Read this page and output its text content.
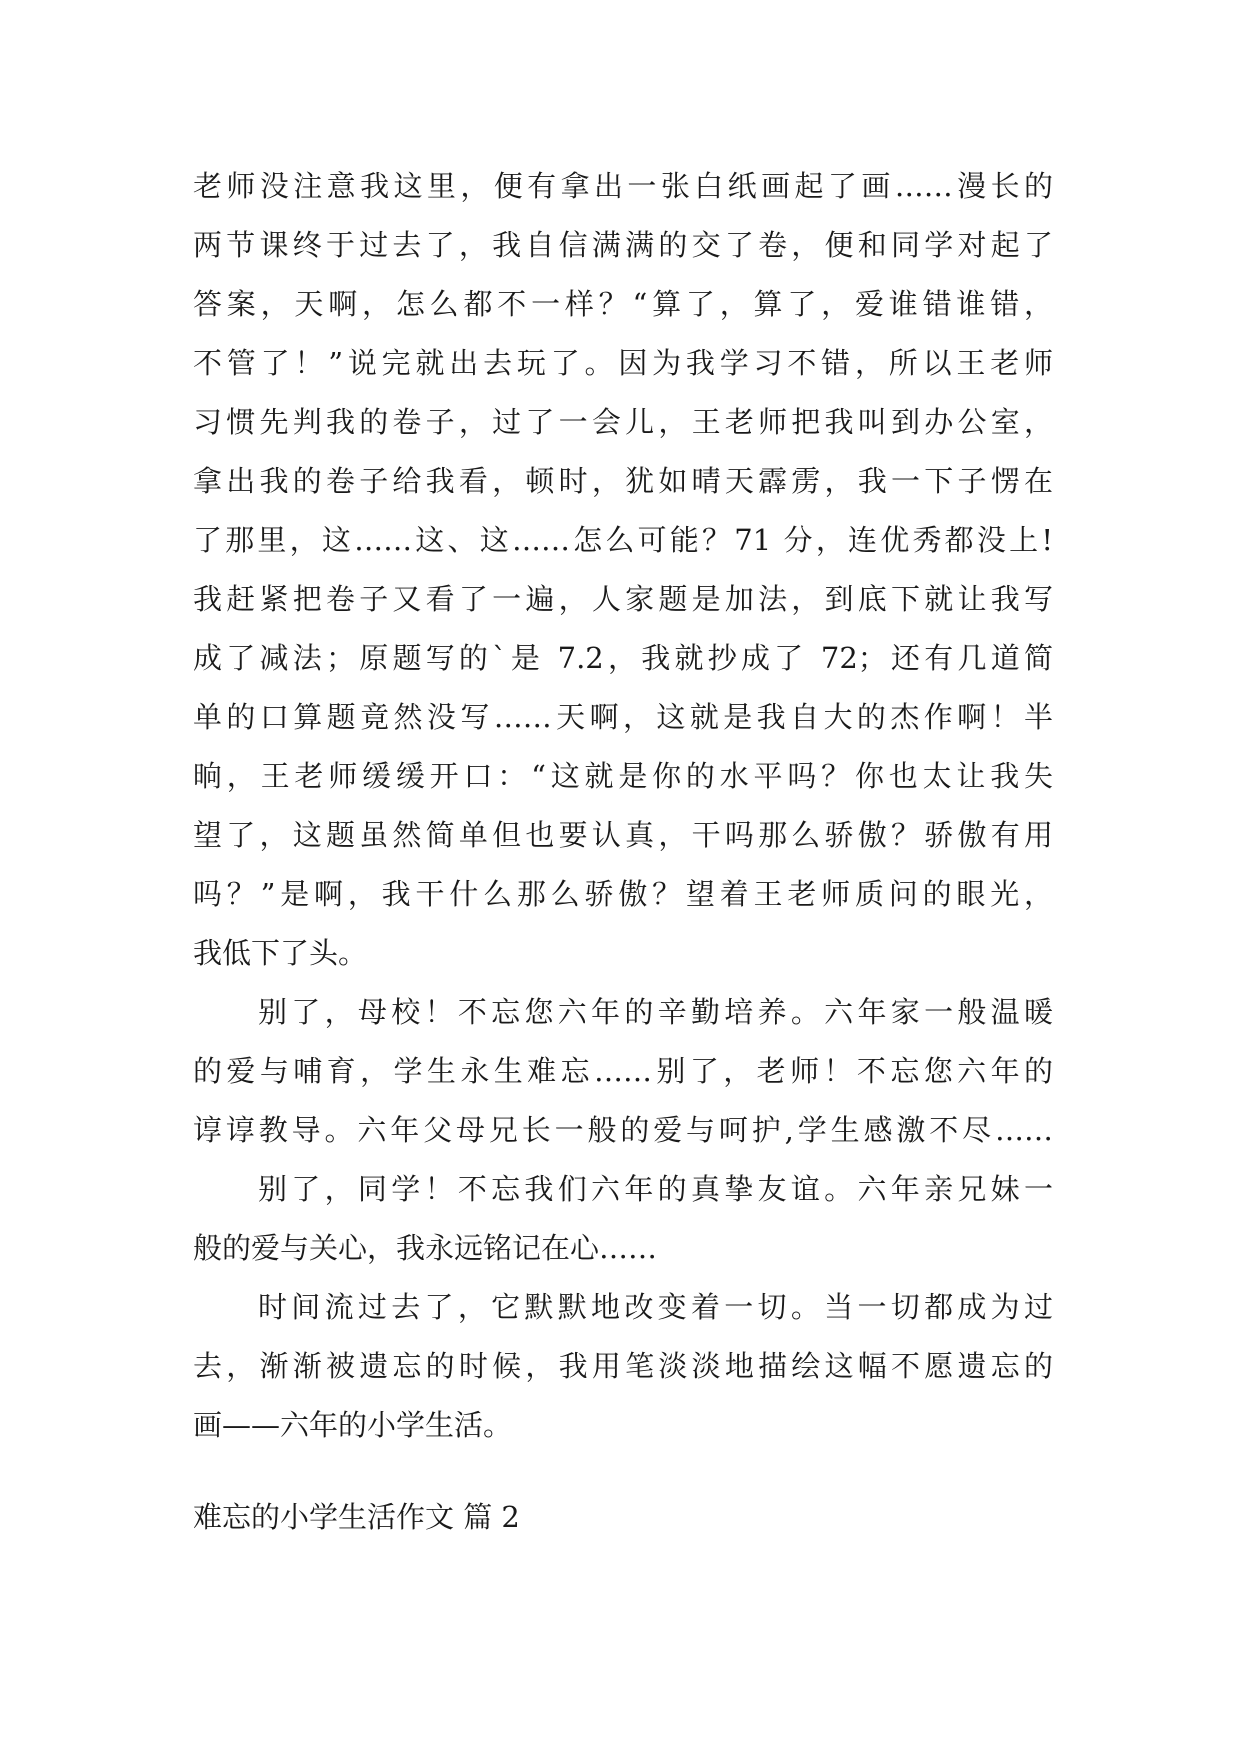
老师没注意我这里，便有拿出一张白纸画起了画……漫长的
两节课终于过去了，我自信满满的交了卷，便和同学对起了
答案，天啊，怎么都不一样？“算了，算了，爱谁错谁错，
不管了！”说完就出去玩了。因为我学习不错，所以王老师
习惯先判我的卷子，过了一会儿，王老师把我叫到办公室，
拿出我的卷子给我看，顿时，犹如晴天霹雳，我一下子愣在
了那里，这……这、这……怎么可能？71 分，连优秀都没上!
我赶紧把卷子又看了一遍，人家题是加法，到底下就让我写
成了减法；原题写的`是 7.2，我就抄成了 72；还有几道简
单的口算题竟然没写……天啊，这就是我自大的杰作啊！半
晌，王老师缓缓开口：“这就是你的水平吗？你也太让我失
望了，这题虽然简单但也要认真，干吗那么骄傲？骄傲有用
吗？”是啊，我干什么那么骄傲？望着王老师质问的眼光，
我低下了头。
别了，母校！不忘您六年的辛勤培养。六年家一般温暖
的爱与哺育，学生永生难忘……别了，老师！不忘您六年的
谆谆教导。六年父母兄长一般的爱与呵护,学生感激不尽……
别了，同学！不忘我们六年的真挚友谊。六年亲兄妹一
般的爱与关心，我永远铭记在心……
时间流过去了，它默默地改变着一切。当一切都成为过
去，渐渐被遗忘的时候，我用笔淡淡地描绘这幅不愿遗忘的
画——六年的小学生活。
难忘的小学生活作文 篇 2
